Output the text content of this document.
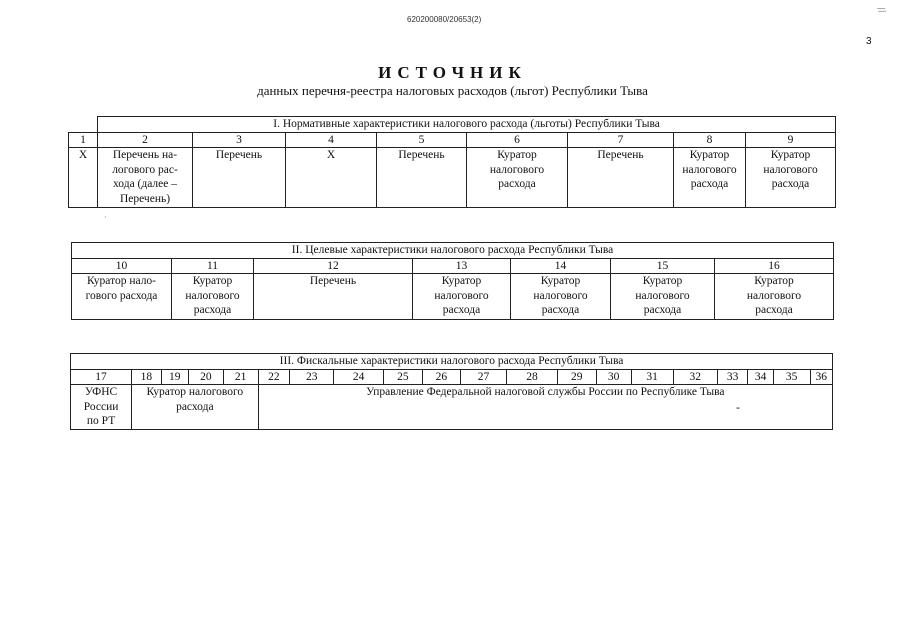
620200080/20653(2)
3
//
ИСТОЧНИК
данных перечня-реестра налоговых расходов (льгот) Республики Тыва
	I. Нормативные характеристики налогового расхода (льготы) Республики Тыва							
1	2	3	4	5	6	7	8	9
X	Перечень на-
логового рас-
хода (далее –
Перечень)	Перечень	X	Перечень	Куратор
налогового
расхода	Перечень	Куратор
налогового
расхода	Куратор
налогового
расхода
·
II. Целевые характеристики налогового расхода Республики Тыва						
10	11	12	13	14	15	16
Куратор нало-
гового расхода	Куратор
налогового
расхода	Перечень	Куратор
налогового
расхода	Куратор
налогового
расхода	Куратор
налогового
расхода	Куратор
налогового
расхода
III. Фискальные характеристики налогового расхода Республики Тыва																			
17	18	19	20	21	22	23	24	25	26	27	28	29	30	31	32	33	34	35	36
УФНС
России
по РТ	Куратор налогового
расхода				Управление Федеральной налоговой службы России по Республике Тыва
-														
